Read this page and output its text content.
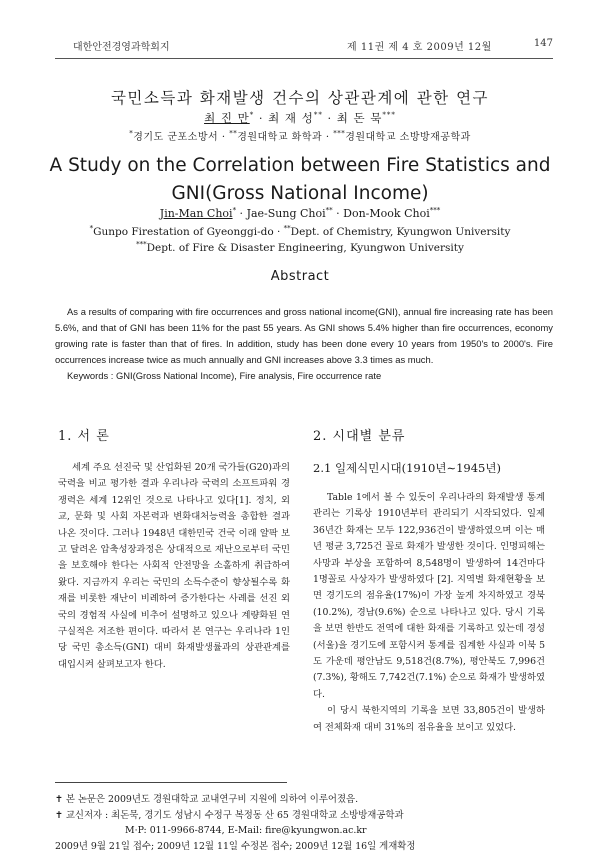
대한안전경영과학회지	제 11권 제 4 호 2009년 12월	147
국민소득과 화재발생 건수의 상관관계에 관한 연구
최 진 만* · 최 재 성** · 최 돈 묵***
*경기도 군포소방서 · **경원대학교 화학과 · ***경원대학교 소방방재공학과
A Study on the Correlation between Fire Statistics and
GNI(Gross National Income)
Jin-Man Choi* · Jae-Sung Choi** · Don-Mook Choi***
*Gunpo Firestation of Gyeonggi-do · **Dept. of Chemistry, Kyungwon University
***Dept. of Fire & Disaster Engineering, Kyungwon University
Abstract

As a results of comparing with fire occurrences and gross national income(GNI), annual fire increasing rate has been 5.6%, and that of GNI has been 11% for the past 55 years. As GNI shows 5.4% higher than fire occurrences, economy growing rate is faster than that of fires. In addition, study has been done every 10 years from 1950's to 2000's. Fire occurrences increase twice as much annually and GNI increases above 3.3 times as much.

Keywords : GNI(Gross National Income), Fire analysis, Fire occurrence rate

1. 서 론

세계 주요 선진국 및 산업화된 20개 국가들(G20)과의 국력을 비교 평가한 결과 우리나라 국력의 소프트파워 경쟁력은 세계 12위인 것으로 나타나고 있다[1]. 정치, 외교, 문화 및 사회 자본력과 변화대처능력을 총합한 결과 나온 것이다. 그러나 1948년 대한민국 건국 이래 얄팍 보고 달려온 압축성장과정은 상대적으로 재난으로부터 국민을 보호해야 한다는 사회적 안전망을 소홀하게 취급하여 왔다. 지금까지 우리는 국민의 소득수준이 향상될수록 화재를 비롯한 재난이 비례하여 증가한다는 사례를 선진 외국의 경험적 사실에 비추어 설명하고 있으나 계량화된 연구실적은 저조한 편이다. 따라서 본 연구는 우리나라 1인당 국민 총소득(GNI) 대비 화재발생률과의 상관관계를 대입시켜 살펴보고자 한다.

2. 시대별 분류
2.1 일제식민시대(1910년∼1945년)

Table 1에서 볼 수 있듯이 우리나라의 화재발생 통계 관리는 기록상 1910년부터 관리되기 시작되었다. 일제 36년간 화재는 모두 122,936건이 발생하였으며 이는 매년 평균 3,725건 꼴로 화재가 발생한 것이다. 인명피해는 사망과 부상을 포함하여 8,548명이 발생하여 14건마다 1명꼴로 사상자가 발생하였다 [2]. 지역별 화재현황을 보면 경기도의 점유율(17%)이 가장 높게 차지하였고 경북(10.2%), 경남(9.6%) 순으로 나타나고 있다. 당시 기록을 보면 한반도 전역에 대한 화재를 기록하고 있는데 경성(서울)을 경기도에 포함시켜 통계를 집계한 사실과 이북 5도 가운데 평안남도 9,518건(8.7%), 평안북도 7,996건(7.3%), 황해도 7,742건(7.1%) 순으로 화재가 발생하였다.

이 당시 북한지역의 기록을 보면 33,805건이 발생하여 전체화재 대비 31%의 점유율을 보이고 있었다.

✝ 본 논문은 2009년도 경원대학교 교내연구비 지원에 의하여 이루어졌음.
✝ 교신저자 : 최돈묵, 경기도 성남시 수정구 복정동 산 65 경원대학교 소방방재공학과
M·P: 011-9966-8744, E-Mail: fire@kyungwon.ac.kr
2009년 9월 21일 접수; 2009년 12월 11일 수정본 접수; 2009년 12월 16일 게재확정
